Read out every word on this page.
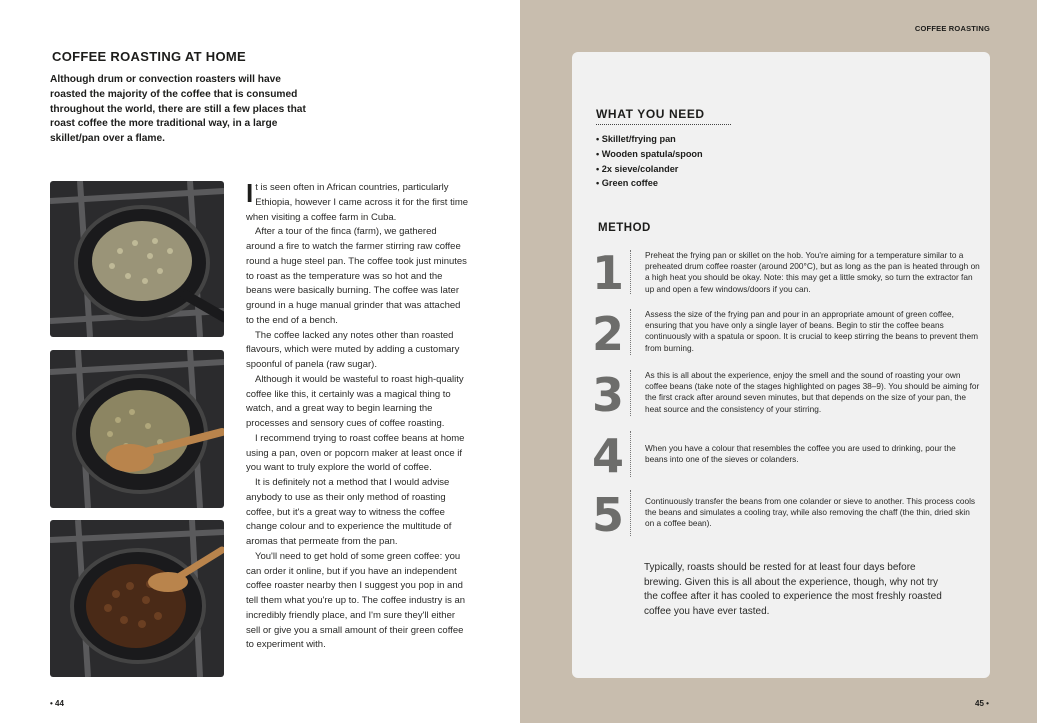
COFFEE ROASTING AT HOME
Although drum or convection roasters will have roasted the majority of the coffee that is consumed throughout the world, there are still a few places that roast coffee the more traditional way, in a large skillet/pan over a flame.

It is seen often in African countries, particularly Ethiopia, however I came across it for the first time when visiting a coffee farm in Cuba.

After a tour of the finca (farm), we gathered around a fire to watch the farmer stirring raw coffee round a huge steel pan. The coffee took just minutes to roast as the temperature was so hot and the beans were basically burning. The coffee was later ground in a huge manual grinder that was attached to the end of a bench.

The coffee lacked any notes other than roasted flavours, which were muted by adding a customary spoonful of panela (raw sugar).

Although it would be wasteful to roast high-quality coffee like this, it certainly was a magical thing to watch, and a great way to begin learning the processes and sensory cues of coffee roasting.

I recommend trying to roast coffee beans at home using a pan, oven or popcorn maker at least once if you want to truly explore the world of coffee.

It is definitely not a method that I would advise anybody to use as their only method of roasting coffee, but it's a great way to witness the coffee change colour and to experience the multitude of aromas that permeate from the pan.

You'll need to get hold of some green coffee: you can order it online, but if you have an independent coffee roaster nearby then I suggest you pop in and tell them what you're up to. The coffee industry is an incredibly friendly place, and I'm sure they'll either sell or give you a small amount of their green coffee to experiment with.

• 44
COFFEE ROASTING
WHAT YOU NEED
• Skillet/frying pan
• Wooden spatula/spoon
• 2x sieve/colander
• Green coffee
METHOD
1	Preheat the frying pan or skillet on the hob. You're aiming for a temperature similar to a preheated drum coffee roaster (around 200°C), but as long as the pan is heated through on a high heat you should be okay. Note: this may get a little smoky, so turn the extractor fan up and open a few windows/doors if you can.
2	Assess the size of the frying pan and pour in an appropriate amount of green coffee, ensuring that you have only a single layer of beans. Begin to stir the coffee beans continuously with a spatula or spoon. It is crucial to keep stirring the beans to prevent them from burning.
3	As this is all about the experience, enjoy the smell and the sound of roasting your own coffee beans (take note of the stages highlighted on pages 38–9). You should be aiming for the first crack after around seven minutes, but that depends on the size of your pan, the heat source and the consistency of your stirring.
4	When you have a colour that resembles the coffee you are used to drinking, pour the beans into one of the sieves or colanders.
5	Continuously transfer the beans from one colander or sieve to another. This process cools the beans and simulates a cooling tray, while also removing the chaff (the thin, dried skin on a coffee bean).
Typically, roasts should be rested for at least four days before brewing. Given this is all about the experience, though, why not try the coffee after it has cooled to experience the most freshly roasted coffee you have ever tasted.
45 •
